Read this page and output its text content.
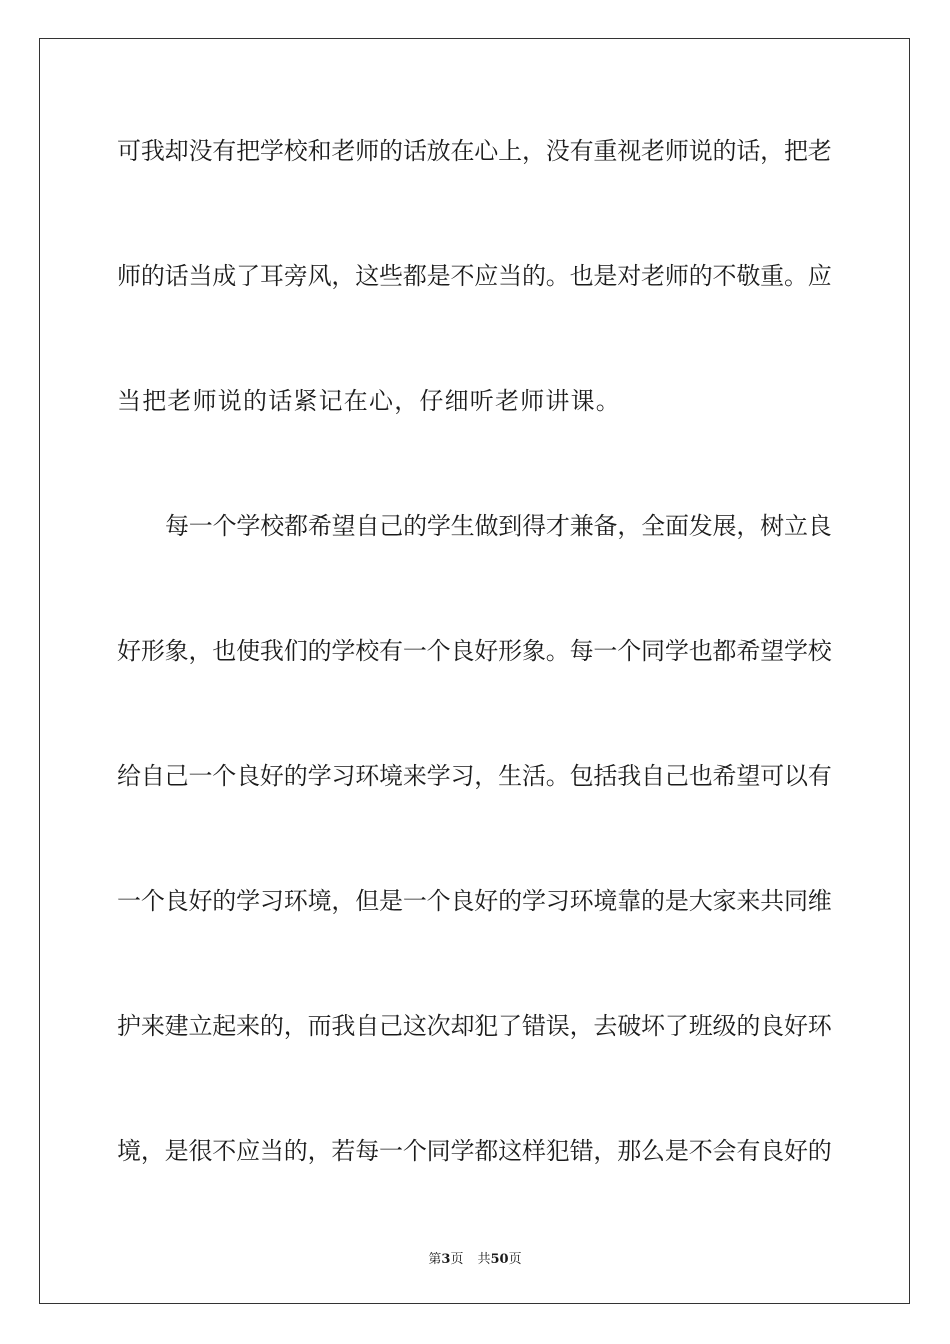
可我却没有把学校和老师的话放在心上，没有重视老师说的话，把老
师的话当成了耳旁风，这些都是不应当的。也是对老师的不敬重。应
当把老师说的话紧记在心，仔细听老师讲课。
每一个学校都希望自己的学生做到得才兼备，全面发展，树立良
好形象，也使我们的学校有一个良好形象。每一个同学也都希望学校
给自己一个良好的学习环境来学习，生活。包括我自己也希望可以有
一个良好的学习环境，但是一个良好的学习环境靠的是大家来共同维
护来建立起来的，而我自己这次却犯了错误，去破坏了班级的良好环
境，是很不应当的，若每一个同学都这样犯错，那么是不会有良好的
第3页 共50页
